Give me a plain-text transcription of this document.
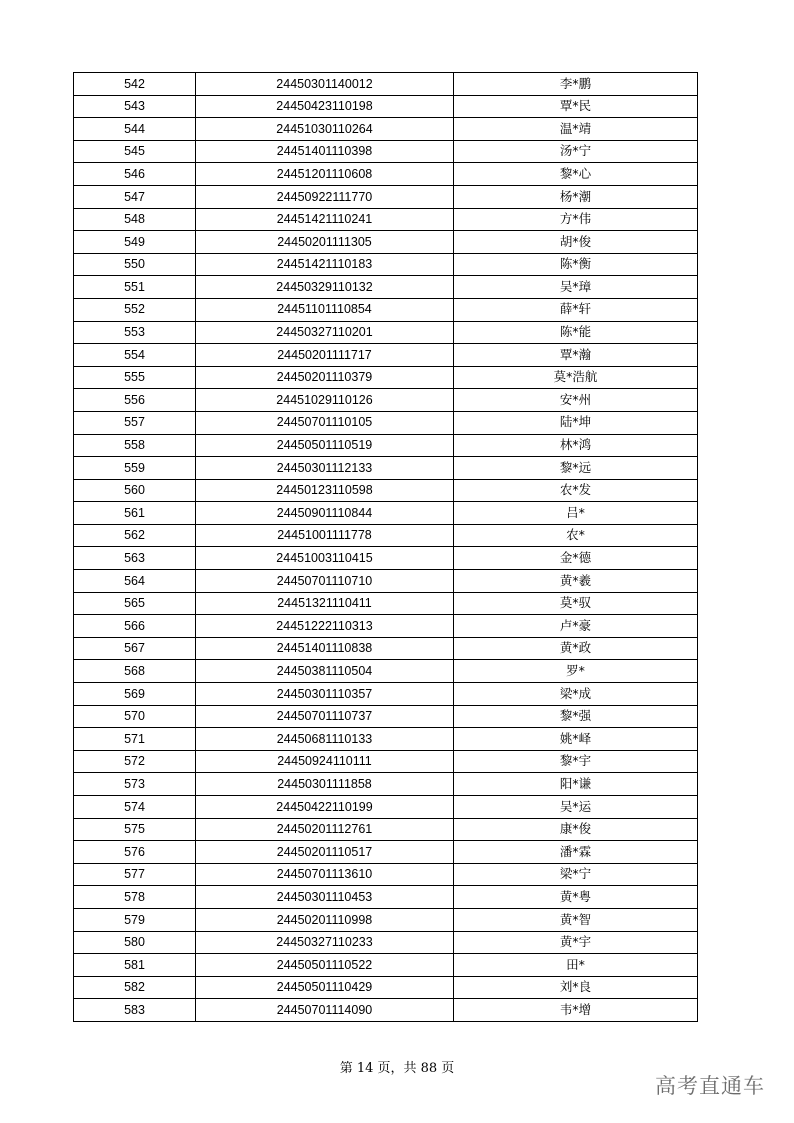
542	24450301140012	李*鹏
543	24450423110198	覃*民
544	24451030110264	温*靖
545	24451401110398	汤*宁
546	24451201110608	黎*心
547	24450922111770	杨*潮
548	24451421110241	方*伟
549	24450201111305	胡*俊
550	24451421110183	陈*衡
551	24450329110132	吴*璋
552	24451101110854	薛*轩
553	24450327110201	陈*能
554	24450201111717	覃*瀚
555	24450201110379	莫*浩航
556	24451029110126	安*州
557	24450701110105	陆*坤
558	24450501110519	林*鸿
559	24450301112133	黎*远
560	24450123110598	农*发
561	24450901110844	吕*
562	24451001111778	农*
563	24451003110415	金*德
564	24450701110710	黄*羲
565	24451321110411	莫*驭
566	24451222110313	卢*豪
567	24451401110838	黄*政
568	24450381110504	罗*
569	24450301110357	梁*成
570	24450701110737	黎*强
571	24450681110133	姚*峄
572	24450924110111	黎*宇
573	24450301111858	阳*谦
574	24450422110199	吴*运
575	24450201112761	康*俊
576	24450201110517	潘*霖
577	24450701113610	梁*宁
578	24450301110453	黄*粤
579	24450201110998	黄*智
580	24450327110233	黄*宇
581	24450501110522	田*
582	24450501110429	刘*良
583	24450701114090	韦*增
第 14 页，共 88 页
高考直通车
